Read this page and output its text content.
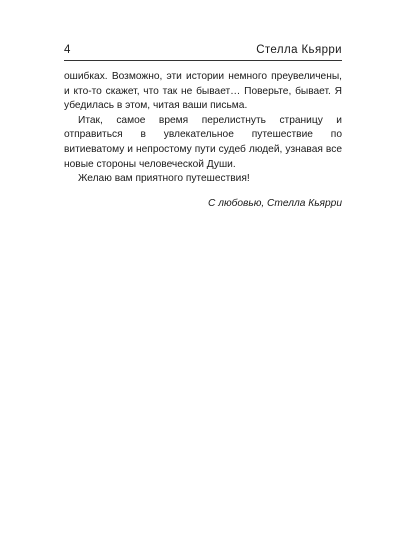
4	Стелла Кьярри

ошибках. Возможно, эти истории немного преувеличены, и кто-то скажет, что так не бывает… Поверьте, бывает. Я убедилась в этом, читая ваши письма.

Итак, самое время перелистнуть страницу и отправиться в увлекательное путешествие по витиеватому и непростому пути судеб людей, узнавая все новые стороны человеческой Души.

Желаю вам приятного путешествия!

С любовью, Стелла Кьярри
